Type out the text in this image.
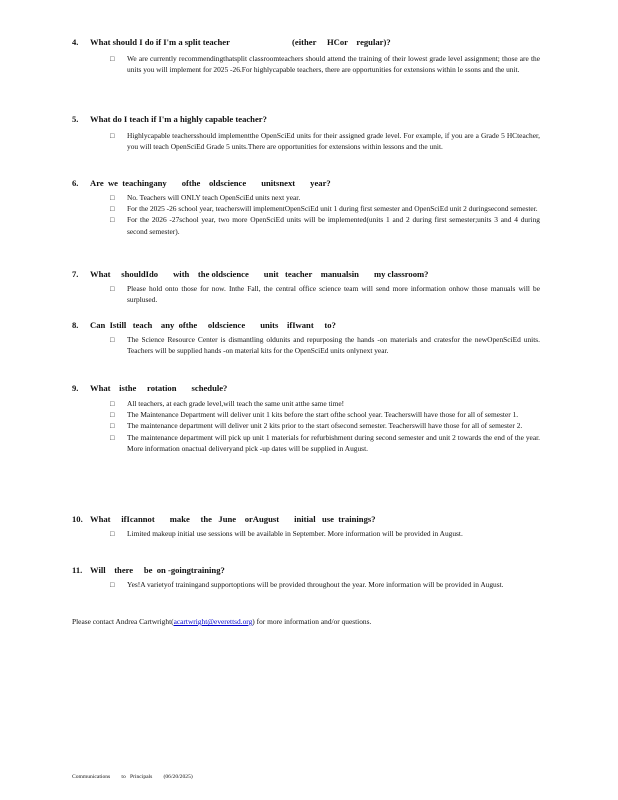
4. What should I do if I'm a split teacher                             (either     HCor    regular)?

□ We are currently recommendingthatsplit classroomteachers should attend the training of their lowest grade level assignment; those are the units you will implement for 2025 -26.For highlycapable teachers, there are opportunities for extensions within le ssons and the unit.

5. What do I teach if I'm a highly capable teacher?

□ Highlycapable teachersshould implementthe OpenSciEd units for their assigned grade level. For example, if you are a Grade 5 HCteacher, you will teach OpenSciEd Grade 5 units.There are opportunities for extensions within lessons and the unit.

6. Are  we  teachingany       ofthe    oldscience       unitsnext       year?

□ No. Teachers will ONLY teach OpenSciEd units next year.
□ For the 2025 -26 school year, teacherswill implementOpenSciEd unit 1 during first semester and OpenSciEd unit 2 duringsecond semester.
□ For the 2026 -27school year, two more OpenSciEd units will be implemented(units 1 and 2 during first semester;units 3 and 4 during second semester).

7. What     shouldIdo       with    the oldscience       unit   teacher    manualsin       my classroom?

□ Please hold onto those for now. Inthe Fall, the central office science team will send more information onhow those manuals will be surplused.

8. Can  Istill   teach    any  ofthe     oldscience       units    ifIwant     to?

□ The Science Resource Center is dismantling oldunits and repurposing the hands -on materials and cratesfor the newOpenSciEd units. Teachers will be supplied hands -on material kits for the OpenSciEd units onlynext year.

9. What    isthe     rotation       schedule?

□ All teachers, at each grade level,will teach the same unit atthe same time!
□ The Maintenance Department will deliver unit 1 kits before the start ofthe school year. Teacherswill have those for all of semester 1.
□ The maintenance department will deliver unit 2 kits prior to the start ofsecond semester. Teacherswill have those for all of semester 2.
□ The maintenance department will pick up unit 1 materials for refurbishment during second semester and unit 2 towards the end of the year. More information onactual deliveryand pick -up dates will be supplied in August.

10. What     ifIcannot       make     the   June    orAugust       initial   use  trainings?

□ Limited makeup initial use sessions will be available in September. More information will be provided in August.

11. Will    there     be  on -goingtraining?

□ Yes!A varietyof trainingand supportoptions will be provided throughout the year. More information will be provided in August.
Please contact Andrea Cartwright(acartwright@everettsd.org) for more information and/or questions.
Communications        to   Principals        (06/20/2025)
